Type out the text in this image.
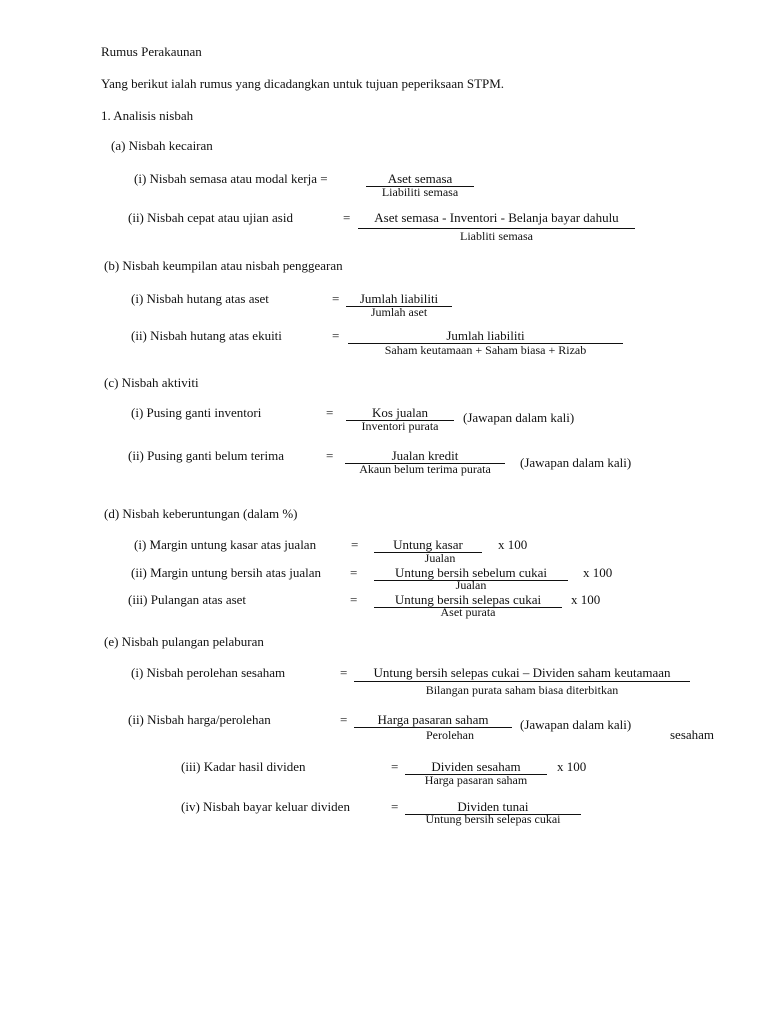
Rumus Perakaunan
Yang berikut ialah rumus yang dicadangkan untuk tujuan peperiksaan STPM.
1. Analisis nisbah
(a) Nisbah kecairan
(i) Nisbah semasa atau modal kerja =	Aset semasa
Liabiliti semasa
(ii) Nisbah cepat atau ujian asid	=	Aset semasa - Inventori - Belanja bayar dahulu
Liabliti semasa
(b) Nisbah keumpilan atau nisbah penggearan
(i) Nisbah hutang atas aset	=	Jumlah liabiliti
Jumlah aset
(ii) Nisbah hutang atas ekuiti	=	Jumlah liabiliti
Saham keutamaan + Saham biasa + Rizab
(c) Nisbah aktiviti
(i) Pusing ganti inventori	=	Kos jualan
Inventori purata
(Jawapan dalam kali)
(ii) Pusing ganti belum terima	=	Jualan kredit
Akaun belum terima purata	(Jawapan dalam kali)
(d) Nisbah keberuntungan (dalam %)
(i) Margin untung kasar atas jualan	=	Untung kasar
Jualan
x 100
(ii) Margin untung bersih atas jualan =	Untung bersih sebelum cukai
Jualan
x 100
(iii) Pulangan atas aset	=	Untung bersih selepas cukai
Aset purata
x 100
(e) Nisbah pulangan pelaburan
(i) Nisbah perolehan sesaham	=	Untung bersih selepas cukai – Dividen saham keutamaan
Bilangan purata saham biasa diterbitkan
(ii) Nisbah harga/perolehan	=	Harga pasaran saham
Perolehan
(Jawapan dalam kali)
sesaham
(iii) Kadar hasil dividen	=	Dividen sesaham
Harga pasaran saham
x 100
(iv) Nisbah bayar keluar dividen	=	Dividen tunai
Untung bersih selepas cukai
